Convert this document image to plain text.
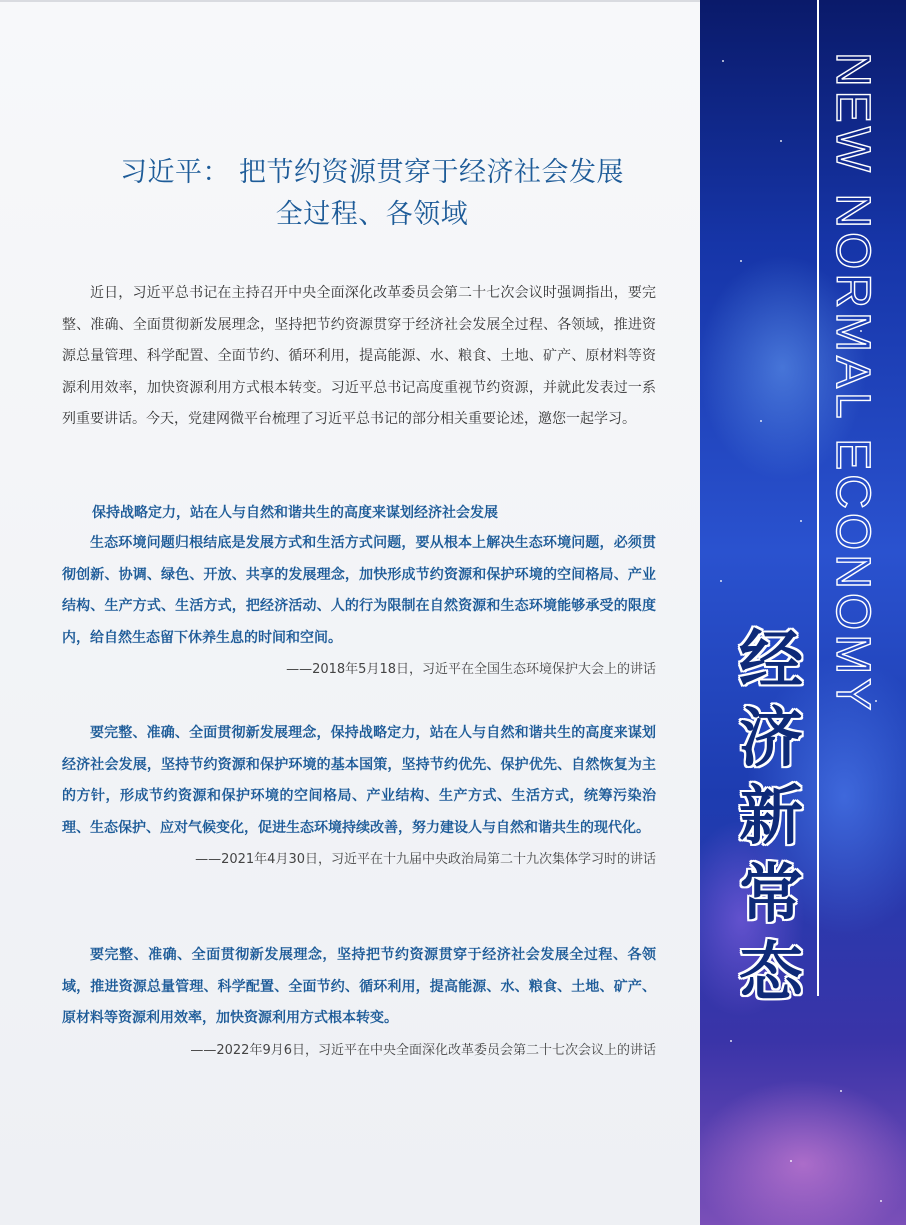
习近平： 把节约资源贯穿于经济社会发展
全过程、各领域

近日，习近平总书记在主持召开中央全面深化改革委员会第二十七次会议时强调指出，要完整、准确、全面贯彻新发展理念，坚持把节约资源贯穿于经济社会发展全过程、各领域，推进资源总量管理、科学配置、全面节约、循环利用，提高能源、水、粮食、土地、矿产、原材料等资源利用效率，加快资源利用方式根本转变。习近平总书记高度重视节约资源，并就此发表过一系列重要讲话。今天，党建网微平台梳理了习近平总书记的部分相关重要论述，邀您一起学习。

保持战略定力，站在人与自然和谐共生的高度来谋划经济社会发展

生态环境问题归根结底是发展方式和生活方式问题，要从根本上解决生态环境问题，必须贯彻创新、协调、绿色、开放、共享的发展理念，加快形成节约资源和保护环境的空间格局、产业结构、生产方式、生活方式，把经济活动、人的行为限制在自然资源和生态环境能够承受的限度内，给自然生态留下休养生息的时间和空间。

——2018年5月18日，习近平在全国生态环境保护大会上的讲话

要完整、准确、全面贯彻新发展理念，保持战略定力，站在人与自然和谐共生的高度来谋划经济社会发展，坚持节约资源和保护环境的基本国策，坚持节约优先、保护优先、自然恢复为主的方针，形成节约资源和保护环境的空间格局、产业结构、生产方式、生活方式，统筹污染治理、生态保护、应对气候变化，促进生态环境持续改善，努力建设人与自然和谐共生的现代化。

——2021年4月30日，习近平在十九届中央政治局第二十九次集体学习时的讲话

要完整、准确、全面贯彻新发展理念，坚持把节约资源贯穿于经济社会发展全过程、各领域，推进资源总量管理、科学配置、全面节约、循环利用，提高能源、水、粮食、土地、矿产、原材料等资源利用效率，加快资源利用方式根本转变。

——2022年9月6日，习近平在中央全面深化改革委员会第二十七次会议上的讲话
NEW NORMAL ECONOMY
经
济
新
常
态
